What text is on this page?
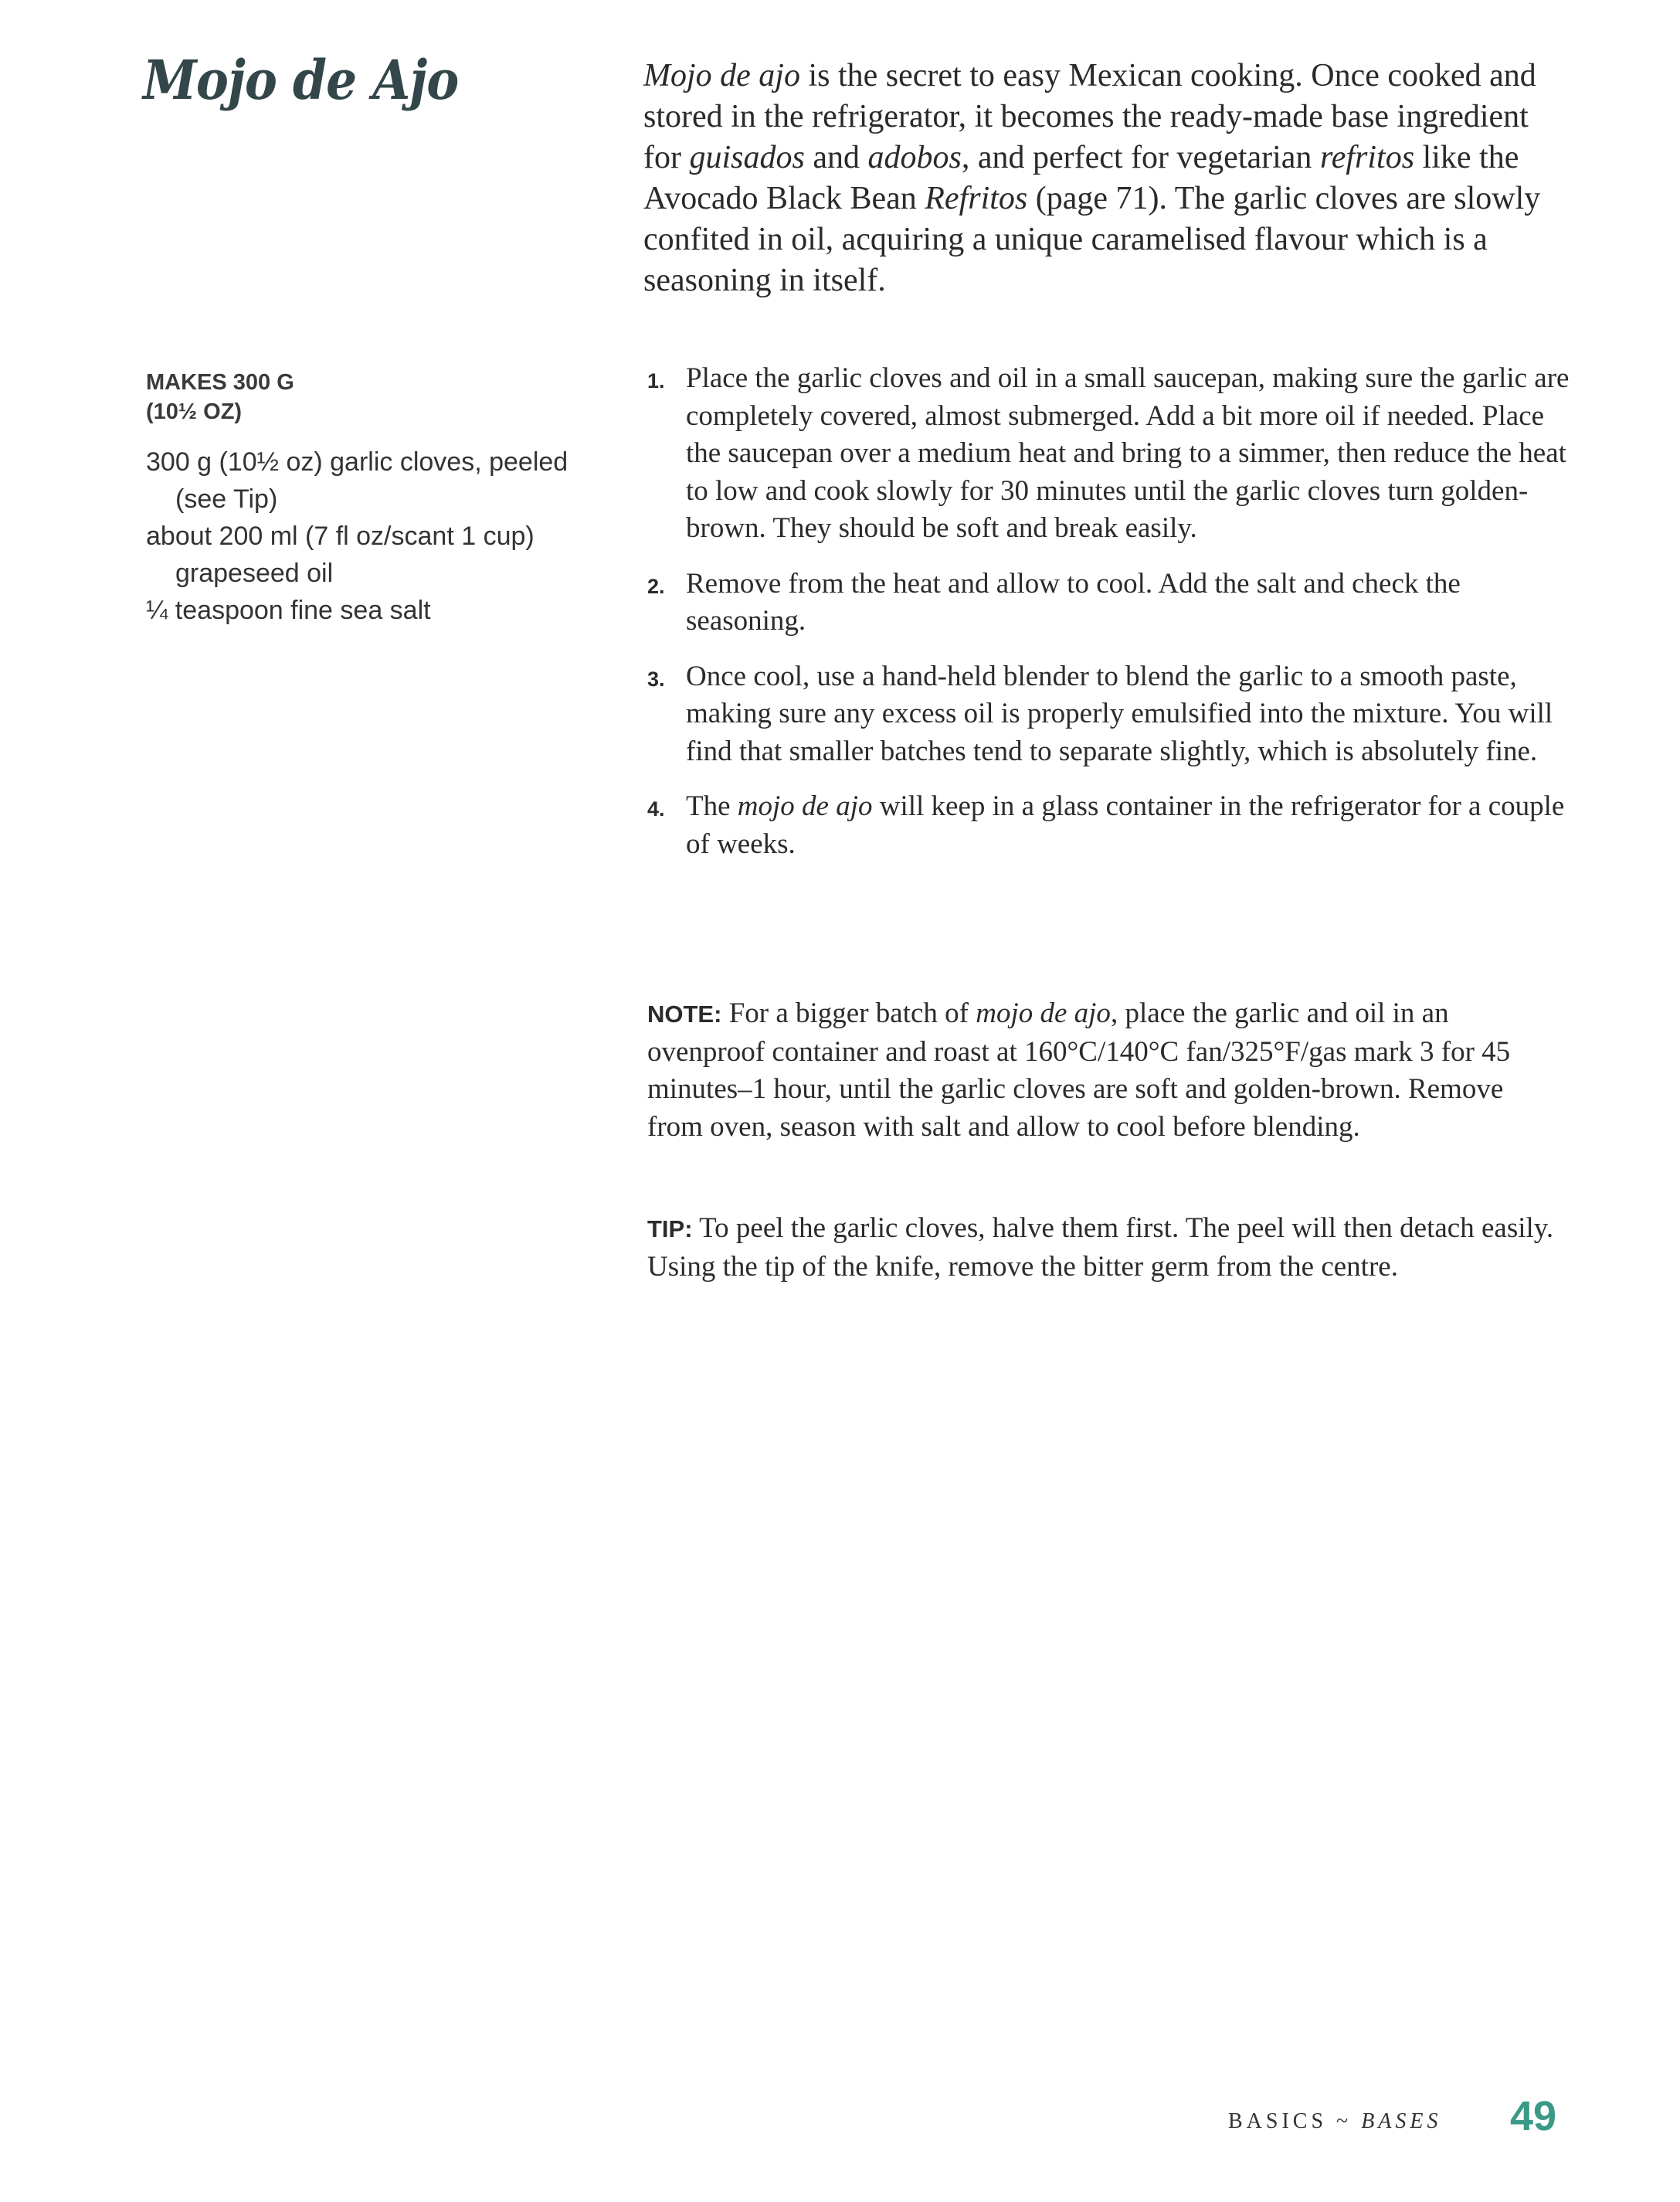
Mojo de Ajo	Mojo de ajo is the secret to easy Mexican cooking. Once cooked and stored in the refrigerator, it becomes the ready-made base ingredient for guisados and adobos, and perfect for vegetarian refritos like the Avocado Black Bean Refritos (page 71). The garlic cloves are slowly confited in oil, acquiring a unique caramelised flavour which is a seasoning in itself.
MAKES 300 G
(10½ OZ)
300 g (10½ oz) garlic cloves, peeled (see Tip)
about 200 ml (7 fl oz/scant 1 cup) grapeseed oil
¼ teaspoon fine sea salt
1. Place the garlic cloves and oil in a small saucepan, making sure the garlic are completely covered, almost submerged. Add a bit more oil if needed. Place the saucepan over a medium heat and bring to a simmer, then reduce the heat to low and cook slowly for 30 minutes until the garlic cloves turn golden-brown. They should be soft and break easily.
2. Remove from the heat and allow to cool. Add the salt and check the seasoning.
3. Once cool, use a hand-held blender to blend the garlic to a smooth paste, making sure any excess oil is properly emulsified into the mixture. You will find that smaller batches tend to separate slightly, which is absolutely fine.
4. The mojo de ajo will keep in a glass container in the refrigerator for a couple of weeks.
NOTE: For a bigger batch of mojo de ajo, place the garlic and oil in an ovenproof container and roast at 160°C/140°C fan/325°F/gas mark 3 for 45 minutes–1 hour, until the garlic cloves are soft and golden-brown. Remove from oven, season with salt and allow to cool before blending.
TIP: To peel the garlic cloves, halve them first. The peel will then detach easily. Using the tip of the knife, remove the bitter germ from the centre.
BASICS ~ BASES 49
